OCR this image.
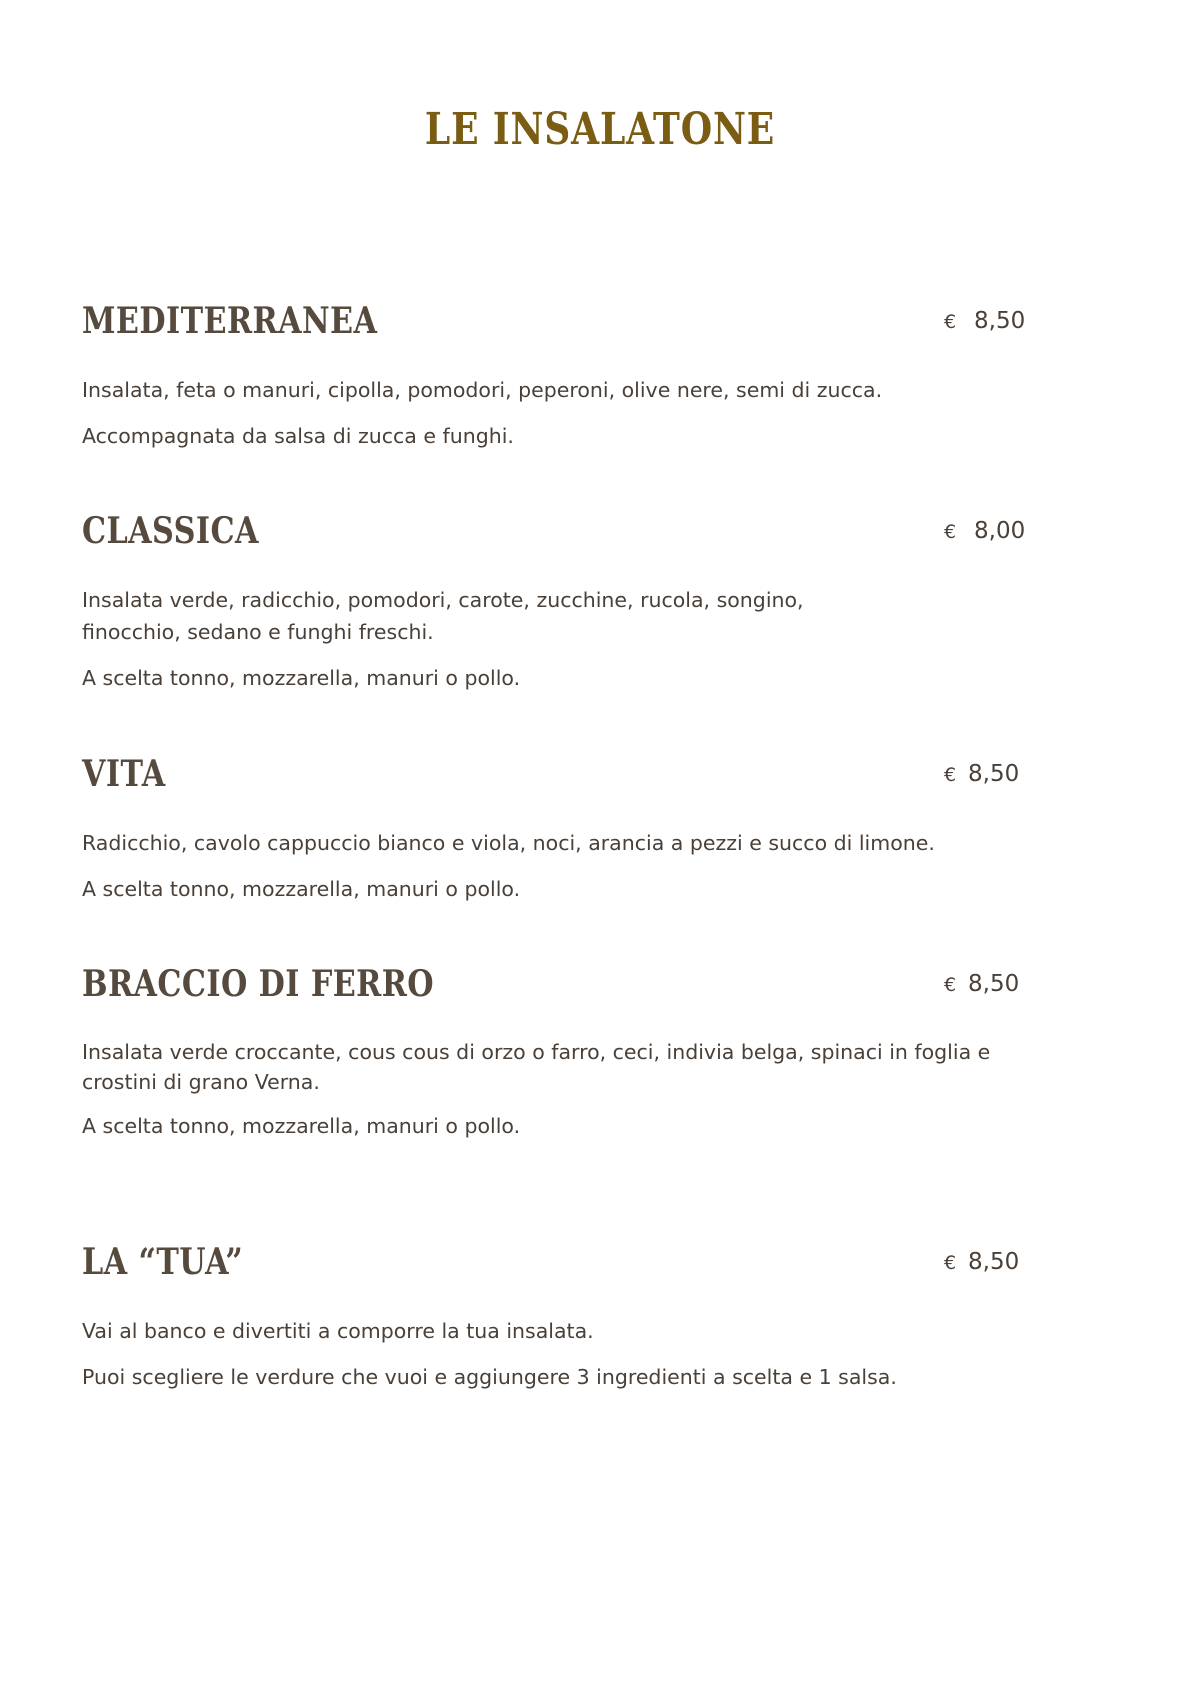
LE INSALATONE
MEDITERRANEA	€ 8,50

Insalata, feta o manuri, cipolla, pomodori, peperoni, olive nere, semi di zucca.

Accompagnata da salsa di zucca e funghi.

CLASSICA	€ 8,00

Insalata verde, radicchio, pomodori, carote, zucchine, rucola, songino, finocchio, sedano e funghi freschi.

A scelta tonno, mozzarella, manuri o pollo.

VITA	€ 8,50

Radicchio, cavolo cappuccio bianco e viola, noci, arancia a pezzi e succo di limone.

A scelta tonno, mozzarella, manuri o pollo.

BRACCIO DI FERRO	€ 8,50

Insalata verde croccante, cous cous di orzo o farro, ceci, indivia belga, spinaci in foglia e crostini di grano Verna.

A scelta tonno, mozzarella, manuri o pollo.

LA “TUA”	€ 8,50

Vai al banco e divertiti a comporre la tua insalata.

Puoi scegliere le verdure che vuoi e aggiungere 3 ingredienti a scelta e 1 salsa.
